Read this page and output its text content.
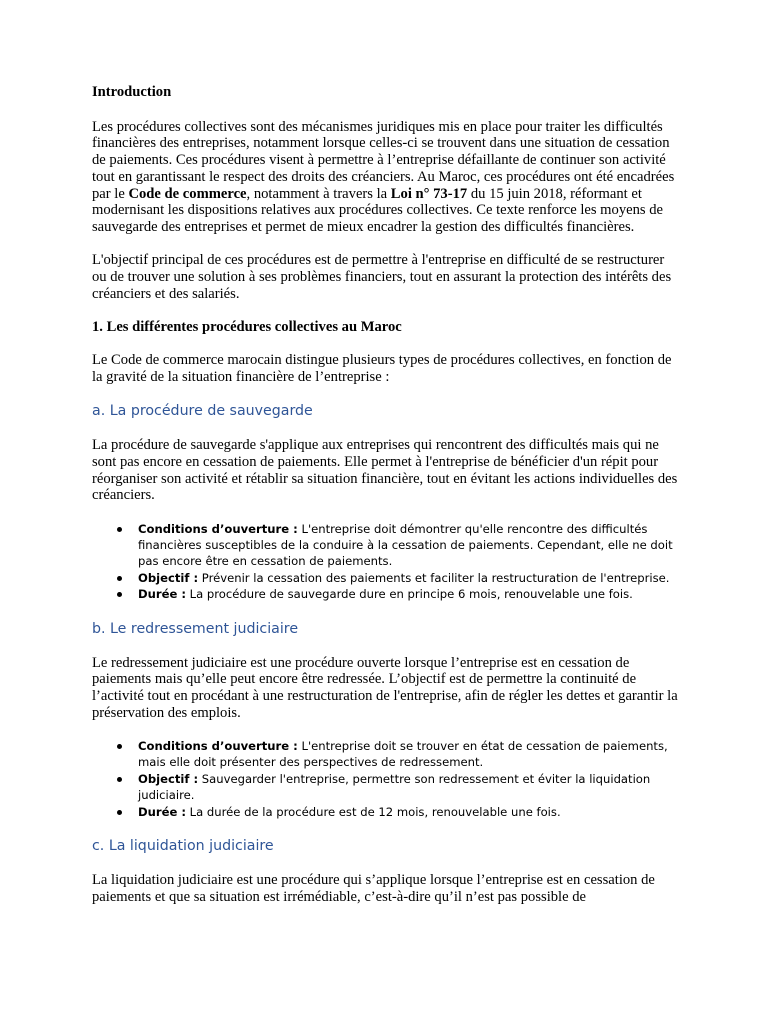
Introduction

Les procédures collectives sont des mécanismes juridiques mis en place pour traiter les difficultés financières des entreprises, notamment lorsque celles-ci se trouvent dans une situation de cessation de paiements. Ces procédures visent à permettre à l’entreprise défaillante de continuer son activité tout en garantissant le respect des droits des créanciers. Au Maroc, ces procédures ont été encadrées par le Code de commerce, notamment à travers la Loi n° 73-17 du 15 juin 2018, réformant et modernisant les dispositions relatives aux procédures collectives. Ce texte renforce les moyens de sauvegarde des entreprises et permet de mieux encadrer la gestion des difficultés financières.

L'objectif principal de ces procédures est de permettre à l'entreprise en difficulté de se restructurer ou de trouver une solution à ses problèmes financiers, tout en assurant la protection des intérêts des créanciers et des salariés.

1. Les différentes procédures collectives au Maroc

Le Code de commerce marocain distingue plusieurs types de procédures collectives, en fonction de la gravité de la situation financière de l’entreprise :

a. La procédure de sauvegarde

La procédure de sauvegarde s'applique aux entreprises qui rencontrent des difficultés mais qui ne sont pas encore en cessation de paiements. Elle permet à l'entreprise de bénéficier d'un répit pour réorganiser son activité et rétablir sa situation financière, tout en évitant les actions individuelles des créanciers.

Conditions d’ouverture : L'entreprise doit démontrer qu'elle rencontre des difficultés financières susceptibles de la conduire à la cessation de paiements. Cependant, elle ne doit pas encore être en cessation de paiements.
Objectif : Prévenir la cessation des paiements et faciliter la restructuration de l'entreprise.
Durée : La procédure de sauvegarde dure en principe 6 mois, renouvelable une fois.

b. Le redressement judiciaire

Le redressement judiciaire est une procédure ouverte lorsque l’entreprise est en cessation de paiements mais qu’elle peut encore être redressée. L’objectif est de permettre la continuité de l’activité tout en procédant à une restructuration de l'entreprise, afin de régler les dettes et garantir la préservation des emplois.

Conditions d’ouverture : L'entreprise doit se trouver en état de cessation de paiements, mais elle doit présenter des perspectives de redressement.
Objectif : Sauvegarder l'entreprise, permettre son redressement et éviter la liquidation judiciaire.
Durée : La durée de la procédure est de 12 mois, renouvelable une fois.

c. La liquidation judiciaire

La liquidation judiciaire est une procédure qui s’applique lorsque l’entreprise est en cessation de paiements et que sa situation est irrémédiable, c’est-à-dire qu’il n’est pas possible de
